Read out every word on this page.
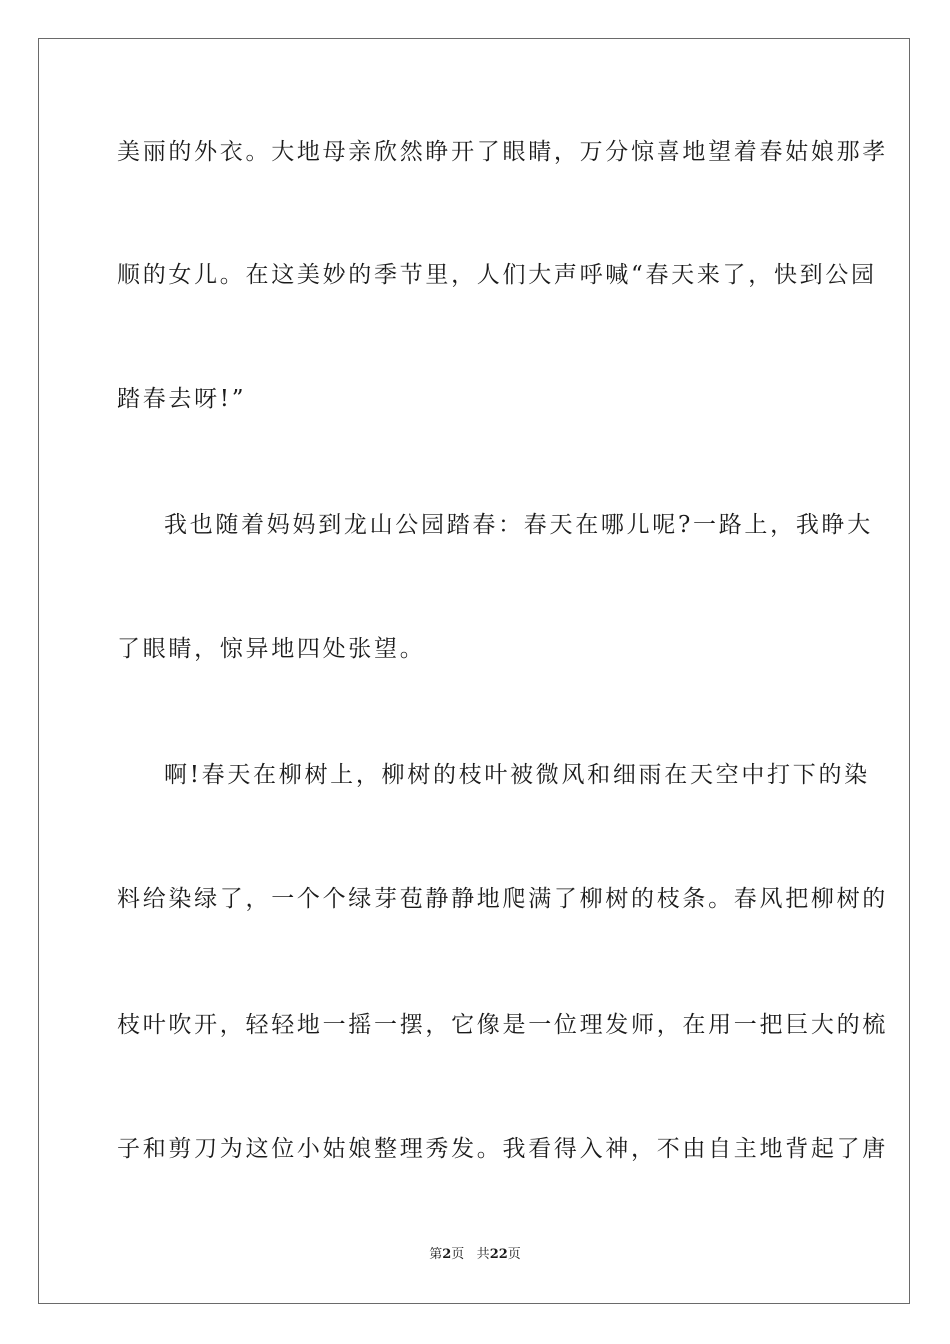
美丽的外衣。大地母亲欣然睁开了眼睛，万分惊喜地望着春姑娘那孝
顺的女儿。在这美妙的季节里，人们大声呼喊“春天来了，快到公园
踏春去呀!”
我也随着妈妈到龙山公园踏春：春天在哪儿呢?一路上，我睁大
了眼睛，惊异地四处张望。
啊!春天在柳树上，柳树的枝叶被微风和细雨在天空中打下的染
料给染绿了，一个个绿芽苞静静地爬满了柳树的枝条。春风把柳树的
枝叶吹开，轻轻地一摇一摆，它像是一位理发师，在用一把巨大的梳
子和剪刀为这位小姑娘整理秀发。我看得入神，不由自主地背起了唐
第2页 共22页
